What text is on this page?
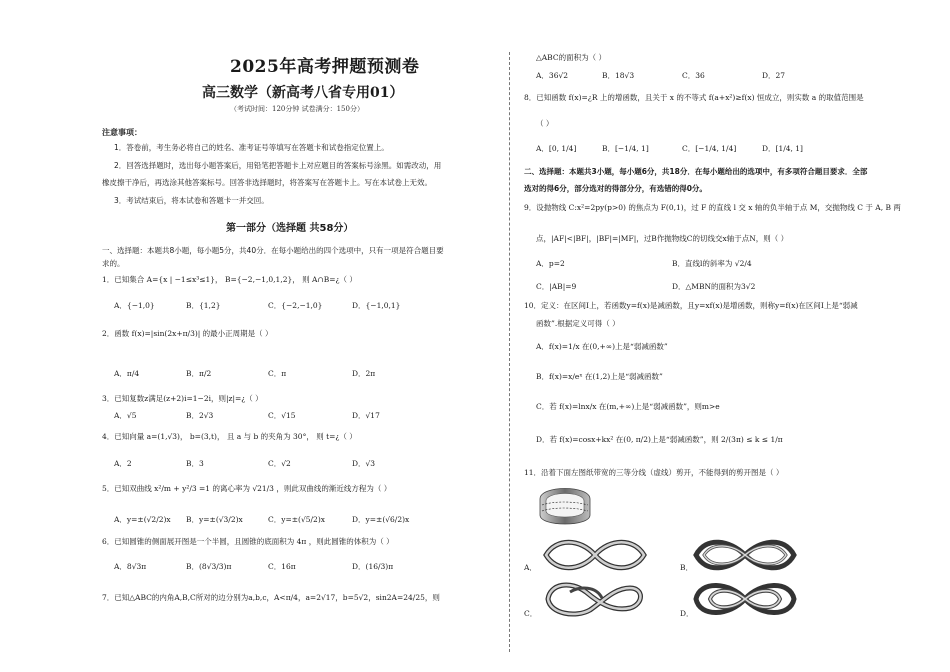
2025年高考押题预测卷
高三数学（新高考八省专用01）
（考试时间：120分钟 试卷满分：150分）
注意事项：
1．答卷前，考生务必将自己的姓名、准考证号等填写在答题卡和试卷指定位置上。
2．回答选择题时，选出每小题答案后，用铅笔把答题卡上对应题目的答案标号涂黑。如需改动，用
橡皮擦干净后，再选涂其他答案标号。回答非选择题时，将答案写在答题卡上。写在本试卷上无效。
3．考试结束后，将本试卷和答题卡一并交回。
第一部分（选择题 共58分）
一、选择题：本题共8小题，每小题5分，共40分．在每小题给出的四个选项中，只有一项是符合题目要
求的。
1．已知集合 A={x | −1≤x³≤1}， B={−2,−1,0,1,2}， 则 A∩B=¿（ ）
A．{−1,0}	B．{1,2}	C．{−2,−1,0}	D．{−1,0,1}
2．函数 f(x)=|sin(2x+π/3)| 的最小正周期是（ ）
A．π/4	B．π/2	C．π	D．2π
3．已知复数z满足(z+2)i=1−2i，则|z|=¿（ ）
A．√5	B．2√3	C．√15	D．√17
4．已知向量 a=(1,√3)， b=(3,t)， 且 a 与 b 的夹角为 30°， 则 t=¿（ ）
A．2	B．3	C．√2	D．√3
5．已知双曲线 x²/m + y²/3 =1 的离心率为 √21/3 ，则此双曲线的渐近线方程为（ ）
A．y=±(√2/2)x B．y=±(√3/2)x	C．y=±(√5/2)x	D．y=±(√6/2)x
6．已知圆锥的侧面展开图是一个半圆，且圆锥的底面积为 4π ，则此圆锥的体积为（ ）
A．8√3π	B．(8√3/3)π	C．16π	D．(16/3)π
7．已知△ABC的内角A,B,C所对的边分别为a,b,c，A<π/4，a=2√17，b=5√2，sin2A=24/25，则
△ABC的面积为（ ）
A．36√2	B．18√3	C．36	D．27
8．已知函数 f(x)=¿R 上的增函数，且关于 x 的不等式 f(a+x²)≥f(x) 恒成立，则实数 a 的取值范围是
（ ）
A．[0, 1/4]	B．[−1/4, 1]	C．[−1/4, 1/4]	D．[1/4, 1]
二、选择题：本题共3小题，每小题6分，共18分．在每小题给出的选项中，有多项符合题目要求．全部
选对的得6分，部分选对的得部分分，有选错的得0分。
9．设抛物线 C:x²=2py(p>0) 的焦点为 F(0,1)，过 F 的直线 l 交 x 轴的负半轴于点 M，交抛物线 C 于 A, B 两
点，|AF|<|BF|，|BF|=|MF|，过B作抛物线C的切线交x轴于点N，则（ ）
A．p=2	B．直线l的斜率为 √2/4
C．|AB|=9	D．△MBN的面积为3√2
10．定义：在区间I上，若函数y=f(x)是减函数，且y=xf(x)是增函数，则称y=f(x)在区间I上是“弱减
函数”.根据定义可得（ ）
A．f(x)=1/x 在(0,+∞)上是“弱减函数”
B．f(x)=x/eˣ 在(1,2)上是“弱减函数”
C．若 f(x)=lnx/x 在(m,+∞)上是“弱减函数”，则m>e
D．若 f(x)=cosx+kx² 在(0, π/2)上是“弱减函数”，则 2/(3π) ≤ k ≤ 1/π
11．沿着下面左图纸带宽的三等分线（虚线）剪开，不能得到的剪开图是（ ）
A．	B．
C．	D．
